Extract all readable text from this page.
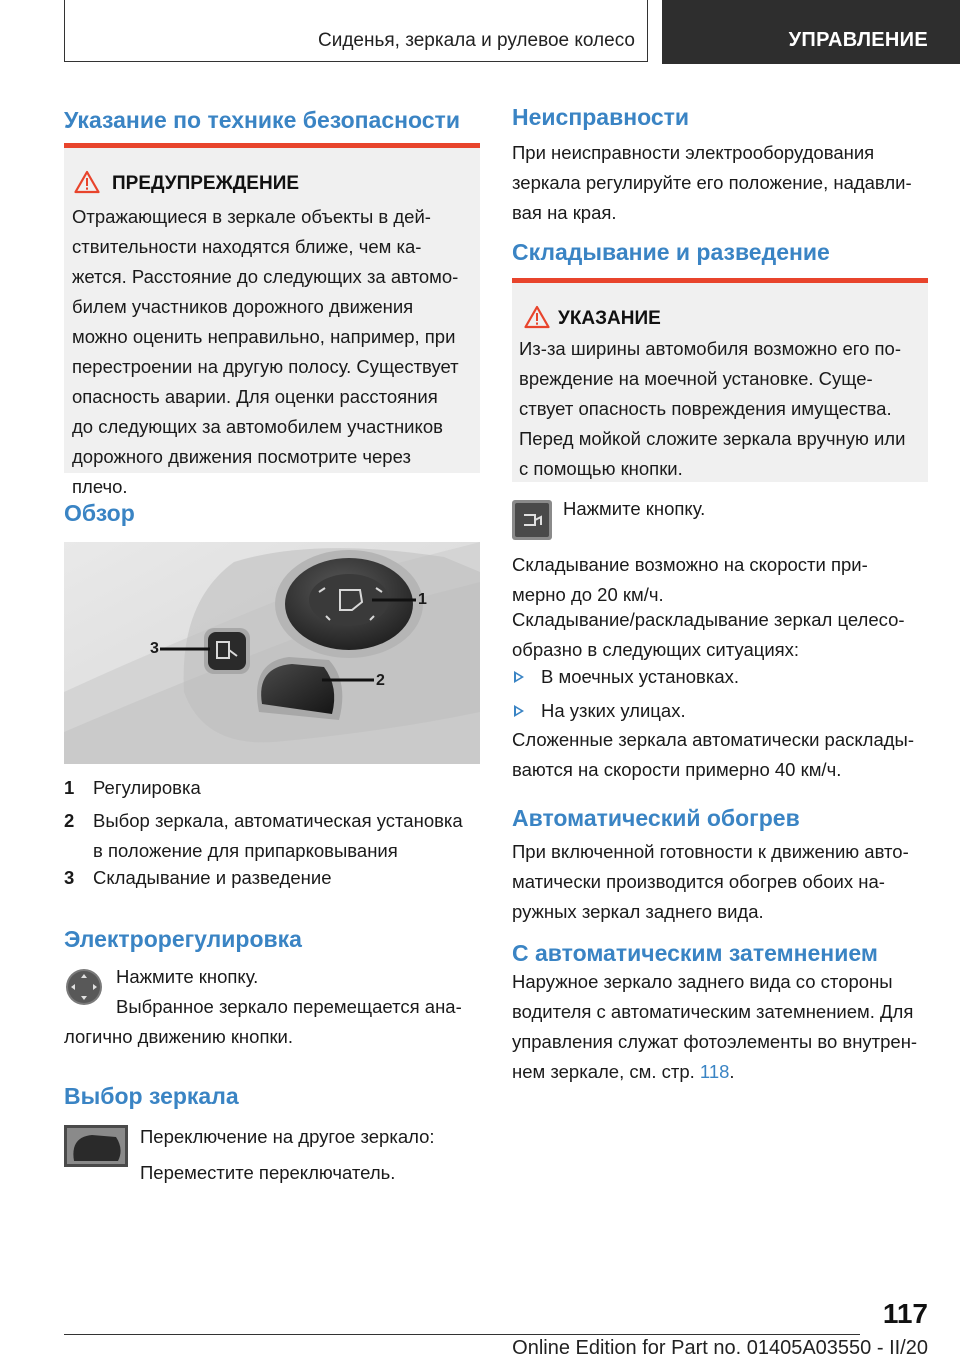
Сиденья, зеркала и рулевое колесо	УПРАВЛЕНИЕ
Указание по технике безопасности
ПРЕДУПРЕЖДЕНИЕ
Отражающиеся в зеркале объекты в дей-
ствительности находятся ближе, чем ка-
жется. Расстояние до следующих за автомо-
билем участников дорожного движения
можно оценить неправильно, например, при
перестроении на другую полосу. Существует
опасность аварии. Для оценки расстояния
до следующих за автомобилем участников
дорожного движения посмотрите через
плечо.
Обзор
1
2
3
1 Регулировка
2 Выбор зеркала, автоматическая установка
в положение для припарковывания
3 Складывание и разведение
Электрорегулировка
Нажмите кнопку.
Выбранное зеркало перемещается ана-
логично движению кнопки.
Выбор зеркала
Переключение на другое зеркало:
Переместите переключатель.
Неисправности
При неисправности электрооборудования
зеркала регулируйте его положение, надавли-
вая на края.
Складывание и разведение
УКАЗАНИЕ
Из-за ширины автомобиля возможно его по-
вреждение на моечной установке. Суще-
ствует опасность повреждения имущества.
Перед мойкой сложите зеркала вручную или
с помощью кнопки.
Нажмите кнопку.
Складывание возможно на скорости при-
мерно до 20 км/ч.
Складывание/раскладывание зеркал целесо-
образно в следующих ситуациях:
В моечных установках.
На узких улицах.
Сложенные зеркала автоматически расклады-
ваются на скорости примерно 40 км/ч.
Автоматический обогрев
При включенной готовности к движению авто-
матически производится обогрев обоих на-
ружных зеркал заднего вида.
С автоматическим затемнением
Наружное зеркало заднего вида со стороны
водителя с автоматическим затемнением. Для
управления служат фотоэлементы во внутрен-
нем зеркале, см. стр. 118.
117
Online Edition for Part no. 01405A03550 - II/20
